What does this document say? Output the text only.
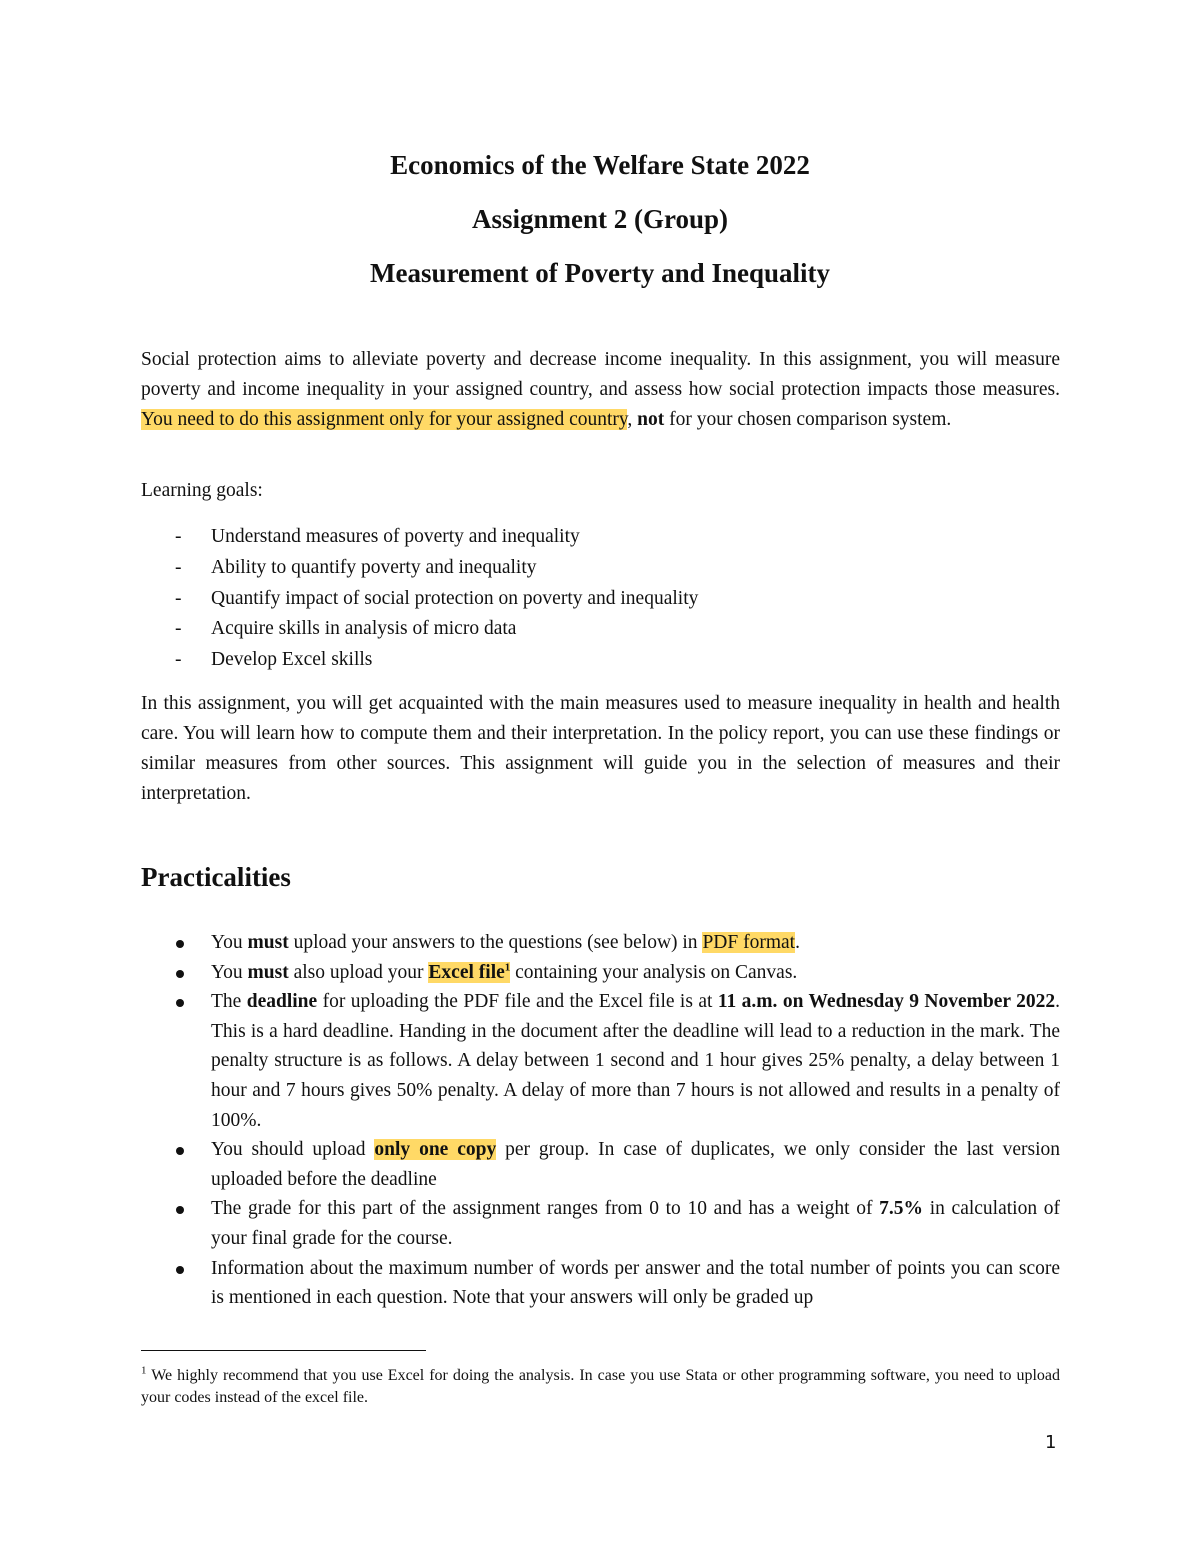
Economics of the Welfare State 2022
Assignment 2 (Group)
Measurement of Poverty and Inequality

Social protection aims to alleviate poverty and decrease income inequality. In this assignment, you will measure poverty and income inequality in your assigned country, and assess how social protection impacts those measures. You need to do this assignment only for your assigned country, not for your chosen comparison system.

Learning goals:
- Understand measures of poverty and inequality
- Ability to quantify poverty and inequality
- Quantify impact of social protection on poverty and inequality
- Acquire skills in analysis of micro data
- Develop Excel skills

In this assignment, you will get acquainted with the main measures used to measure inequality in health and health care. You will learn how to compute them and their interpretation. In the policy report, you can use these findings or similar measures from other sources. This assignment will guide you in the selection of measures and their interpretation.

Practicalities
You must upload your answers to the questions (see below) in PDF format.
You must also upload your Excel file$^1$ containing your analysis on Canvas.
The deadline for uploading the PDF file and the Excel file is at 11 a.m. on Wednesday 9 November 2022. This is a hard deadline. Handing in the document after the deadline will lead to a reduction in the mark. The penalty structure is as follows. A delay between 1 second and 1 hour gives 25% penalty, a delay between 1 hour and 7 hours gives 50% penalty. A delay of more than 7 hours is not allowed and results in a penalty of 100%.
You should upload only one copy per group. In case of duplicates, we only consider the last version uploaded before the deadline
The grade for this part of the assignment ranges from 0 to 10 and has a weight of 7.5% in calculation of your final grade for the course.
Information about the maximum number of words per answer and the total number of points you can score is mentioned in each question. Note that your answers will only be graded up
$^1$ We highly recommend that you use Excel for doing the analysis. In case you use Stata or other programming software, you need to upload your codes instead of the excel file.
1
